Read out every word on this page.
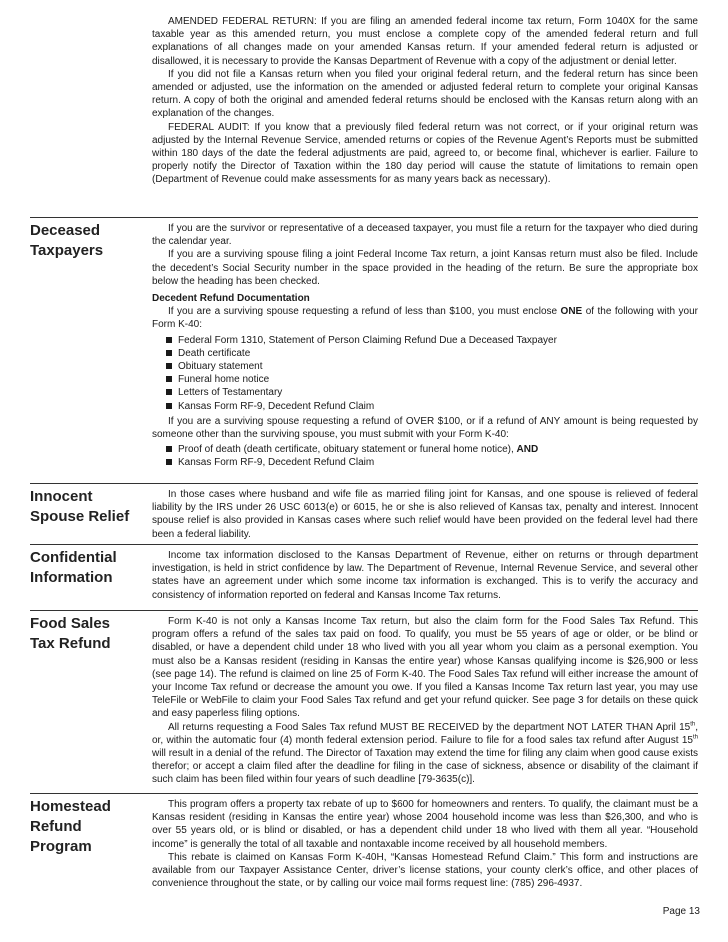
AMENDED FEDERAL RETURN: If you are filing an amended federal income tax return, Form 1040X for the same taxable year as this amended return, you must enclose a complete copy of the amended federal return and full explanations of all changes made on your amended Kansas return. If your amended federal return is adjusted or disallowed, it is necessary to provide the Kansas Department of Revenue with a copy of the adjustment or denial letter.

If you did not file a Kansas return when you filed your original federal return, and the federal return has since been amended or adjusted, use the information on the amended or adjusted federal return to complete your original Kansas return. A copy of both the original and amended federal returns should be enclosed with the Kansas return along with an explanation of the changes.

FEDERAL AUDIT: If you know that a previously filed federal return was not correct, or if your original return was adjusted by the Internal Revenue Service, amended returns or copies of the Revenue Agent’s Reports must be submitted within 180 days of the date the federal adjustments are paid, agreed to, or become final, whichever is earlier. Failure to properly notify the Director of Taxation within the 180 day period will cause the statute of limitations to remain open (Department of Revenue could make assessments for as many years back as necessary).

Deceased
Taxpayers

If you are the survivor or representative of a deceased taxpayer, you must file a return for the taxpayer who died during the calendar year.

If you are a surviving spouse filing a joint Federal Income Tax return, a joint Kansas return must also be filed. Include the decedent’s Social Security number in the space provided in the heading of the return. Be sure the appropriate box below the heading has been checked.

Decedent Refund Documentation

If you are a surviving spouse requesting a refund of less than $100, you must enclose ONE of the following with your Form K-40:

Federal Form 1310, Statement of Person Claiming Refund Due a Deceased Taxpayer
Death certificate
Obituary statement
Funeral home notice
Letters of Testamentary
Kansas Form RF-9, Decedent Refund Claim

If you are a surviving spouse requesting a refund of OVER $100, or if a refund of ANY amount is being requested by someone other than the surviving spouse, you must submit with your Form K-40:

Proof of death (death certificate, obituary statement or funeral home notice), AND
Kansas Form RF-9, Decedent Refund Claim
Innocent
Spouse Relief

In those cases where husband and wife file as married filing joint for Kansas, and one spouse is relieved of federal liability by the IRS under 26 USC 6013(e) or 6015, he or she is also relieved of Kansas tax, penalty and interest. Innocent spouse relief is also provided in Kansas cases where such relief would have been provided on the federal level had there been a federal liability.

Confidential
Information

Income tax information disclosed to the Kansas Department of Revenue, either on returns or through department investigation, is held in strict confidence by law. The Department of Revenue, Internal Revenue Service, and several other states have an agreement under which some income tax information is exchanged. This is to verify the accuracy and consistency of information reported on federal and Kansas Income Tax returns.

Food Sales
Tax Refund

Form K-40 is not only a Kansas Income Tax return, but also the claim form for the Food Sales Tax Refund. This program offers a refund of the sales tax paid on food. To qualify, you must be 55 years of age or older, or be blind or disabled, or have a dependent child under 18 who lived with you all year whom you claim as a personal exemption. You must also be a Kansas resident (residing in Kansas the entire year) whose Kansas qualifying income is $26,900 or less (see page 14). The refund is claimed on line 25 of Form K-40. The Food Sales Tax refund will either increase the amount of your Income Tax refund or decrease the amount you owe. If you filed a Kansas Income Tax return last year, you may use TeleFile or WebFile to claim your Food Sales Tax refund and get your refund quicker. See page 3 for details on these quick and easy paperless filing options.

All returns requesting a Food Sales Tax refund MUST BE RECEIVED by the department NOT LATER THAN April 15th, or, within the automatic four (4) month federal extension period. Failure to file for a food sales tax refund after August 15th will result in a denial of the refund. The Director of Taxation may extend the time for filing any claim when good cause exists therefor; or accept a claim filed after the deadline for filing in the case of sickness, absence or disability of the claimant if such claim has been filed within four years of such deadline [79-3635(c)].

Homestead
Refund
Program

This program offers a property tax rebate of up to $600 for homeowners and renters. To qualify, the claimant must be a Kansas resident (residing in Kansas the entire year) whose 2004 household income was less than $26,300, and who is over 55 years old, or is blind or disabled, or has a dependent child under 18 who lived with them all year. “Household income” is generally the total of all taxable and nontaxable income received by all household members.

This rebate is claimed on Kansas Form K-40H, “Kansas Homestead Refund Claim.” This form and instructions are available from our Taxpayer Assistance Center, driver’s license stations, your county clerk’s office, and other places of convenience throughout the state, or by calling our voice mail forms request line: (785) 296-4937.

Page 13
